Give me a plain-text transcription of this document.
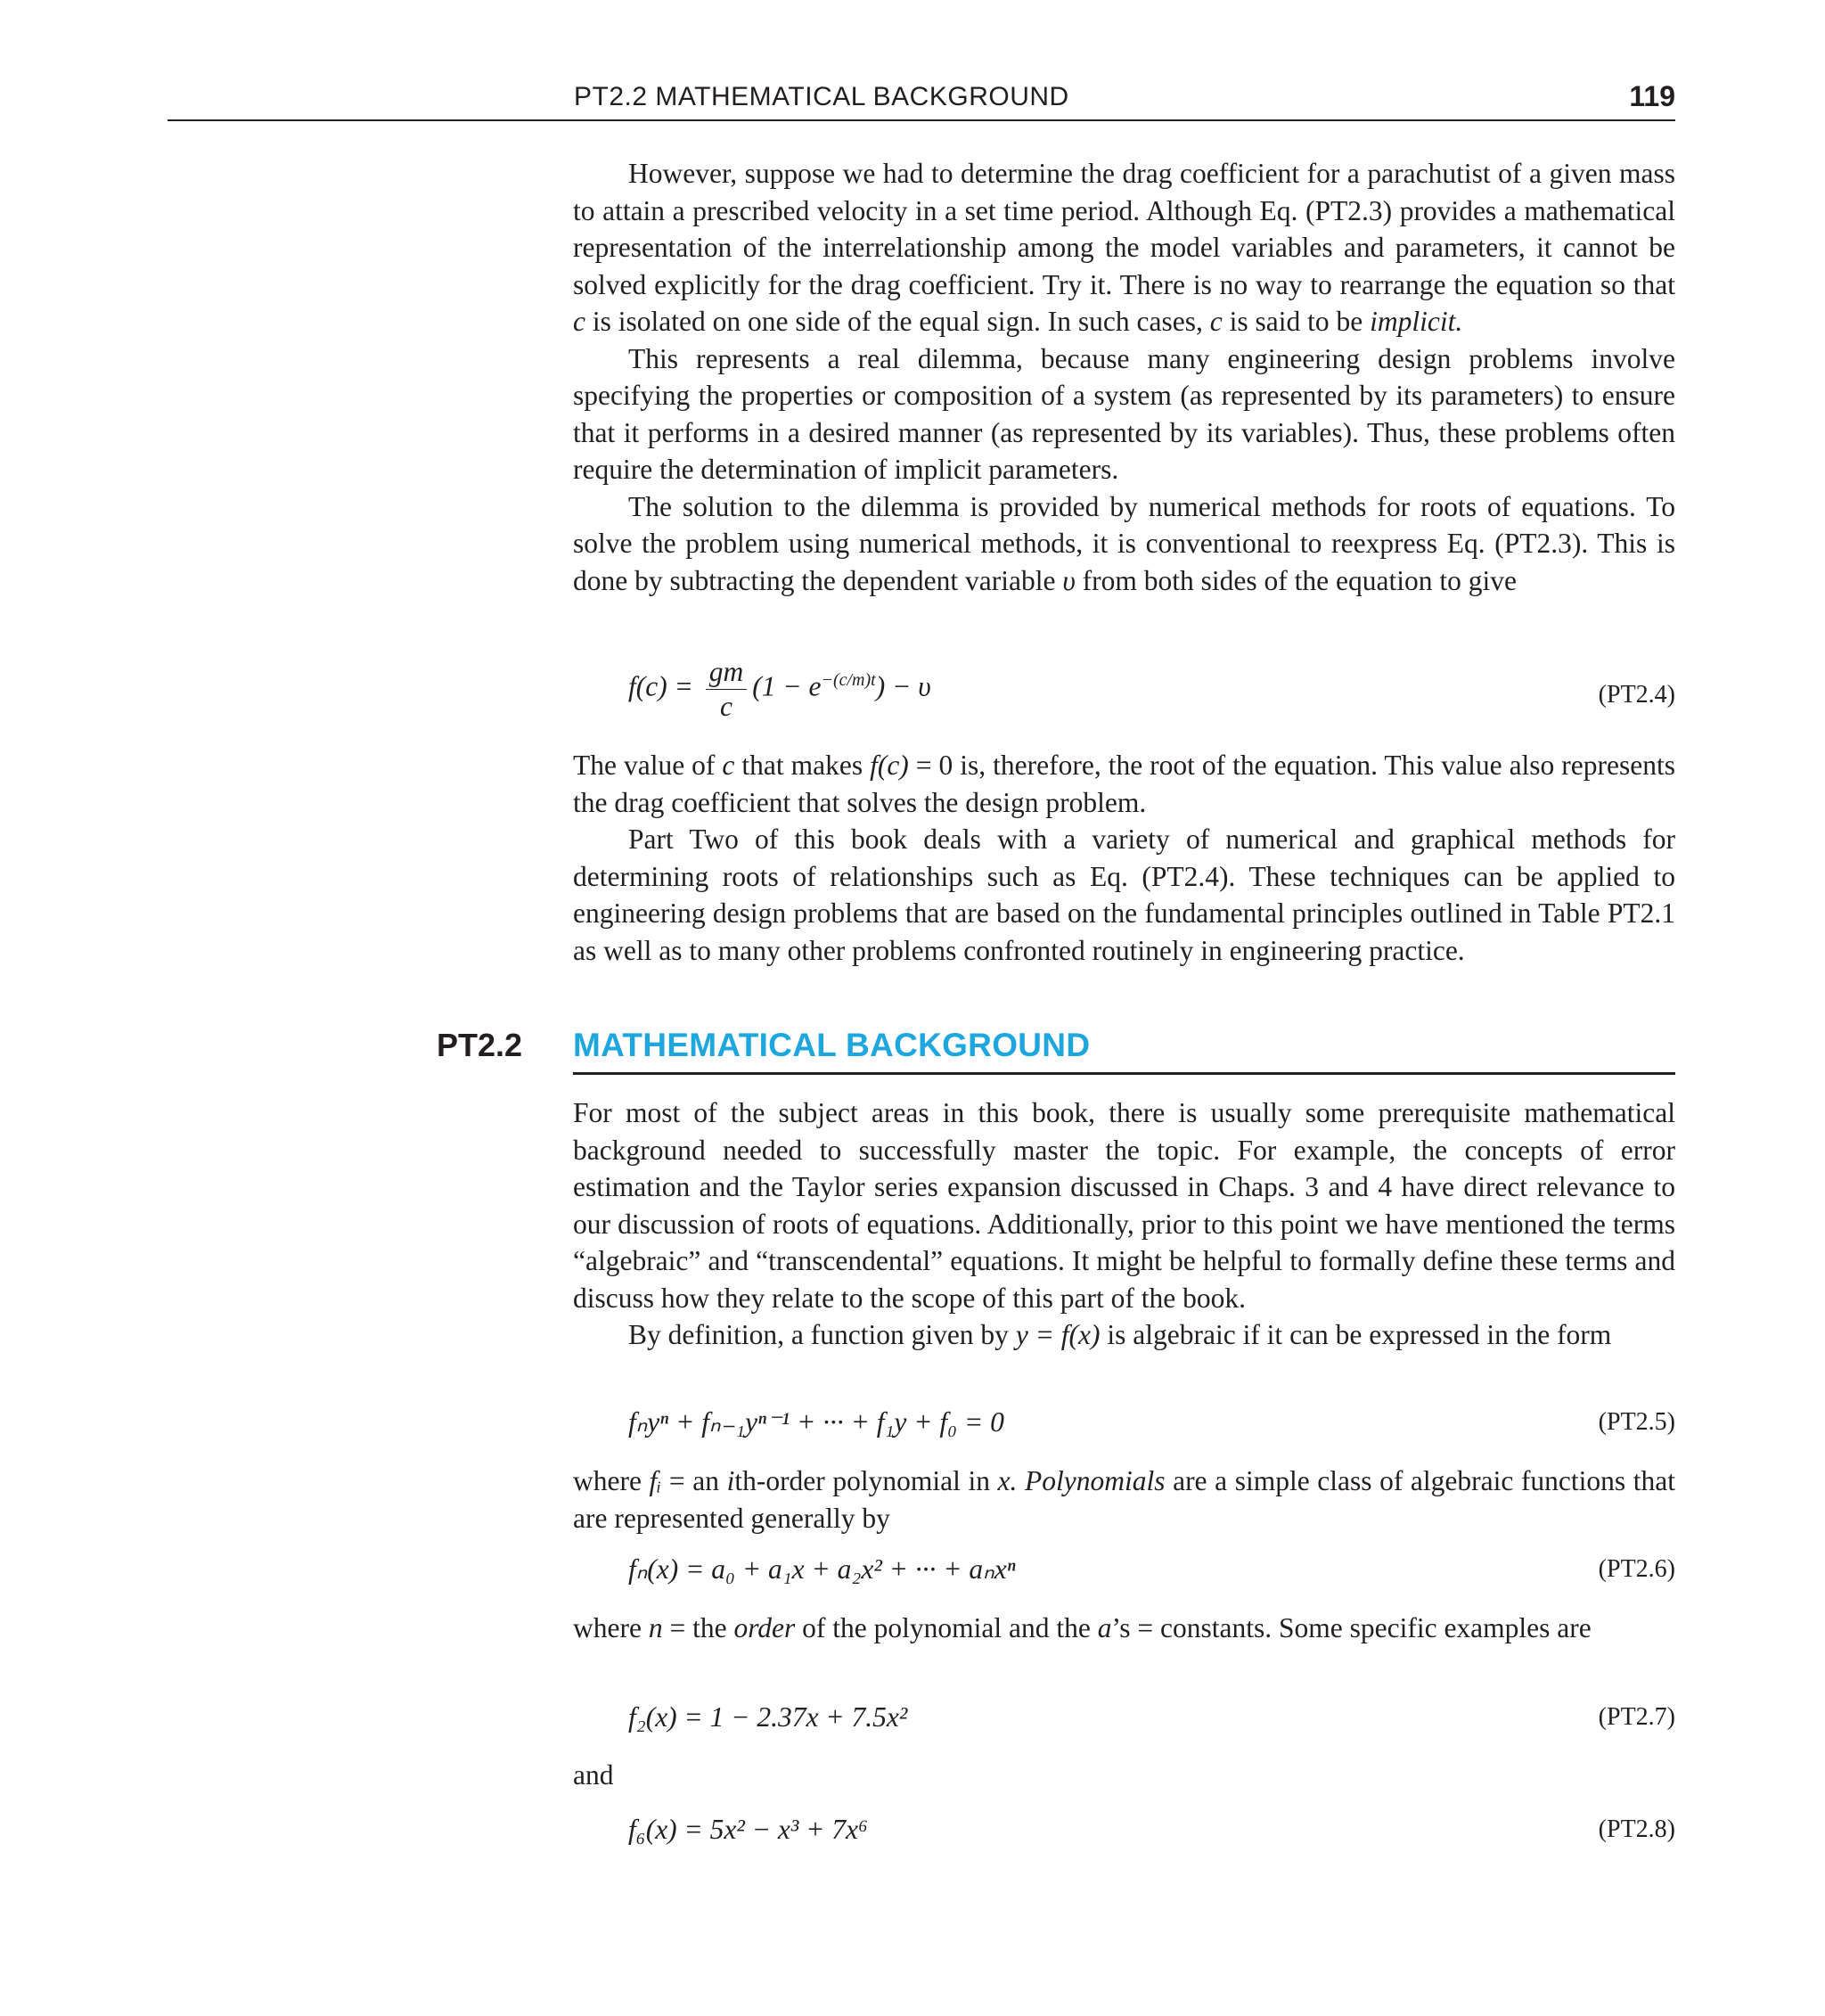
PT2.2 MATHEMATICAL BACKGROUND	119

However, suppose we had to determine the drag coefficient for a parachutist of a given mass to attain a prescribed velocity in a set time period. Although Eq. (PT2.3) provides a mathematical representation of the interrelationship among the model variables and parameters, it cannot be solved explicitly for the drag coefficient. Try it. There is no way to rearrange the equation so that c is isolated on one side of the equal sign. In such cases, c is said to be implicit.

This represents a real dilemma, because many engineering design problems involve specifying the properties or composition of a system (as represented by its parameters) to ensure that it performs in a desired manner (as represented by its variables). Thus, these problems often require the determination of implicit parameters.

The solution to the dilemma is provided by numerical methods for roots of equations. To solve the problem using numerical methods, it is conventional to reexpress Eq. (PT2.3). This is done by subtracting the dependent variable υ from both sides of the equation to give

$f(c) = \frac{gm}{c} (1 - e^{-(c/m)t}) - \upsilon$	(PT2.4)

The value of c that makes f(c) = 0 is, therefore, the root of the equation. This value also represents the drag coefficient that solves the design problem.

Part Two of this book deals with a variety of numerical and graphical methods for determining roots of relationships such as Eq. (PT2.4). These techniques can be applied to engineering design problems that are based on the fundamental principles outlined in Table PT2.1 as well as to many other problems confronted routinely in engineering practice.

PT2.2 MATHEMATICAL BACKGROUND

For most of the subject areas in this book, there is usually some prerequisite mathematical background needed to successfully master the topic. For example, the concepts of error estimation and the Taylor series expansion discussed in Chaps. 3 and 4 have direct relevance to our discussion of roots of equations. Additionally, prior to this point we have mentioned the terms “algebraic” and “transcendental” equations. It might be helpful to formally define these terms and discuss how they relate to the scope of this part of the book.

By definition, a function given by y = f(x) is algebraic if it can be expressed in the form

fₙyⁿ + fₙ₋₁yⁿ⁻¹ + ··· + f₁y + f₀ = 0	(PT2.5)

where fᵢ = an ith-order polynomial in x. Polynomials are a simple class of algebraic functions that are represented generally by

fₙ(x) = a₀ + a₁x + a₂x² + ··· + aₙxⁿ	(PT2.6)

where n = the order of the polynomial and the a’s = constants. Some specific examples are

f₂(x) = 1 − 2.37x + 7.5x²	(PT2.7)

and

f₆(x) = 5x² − x³ + 7x⁶	(PT2.8)
